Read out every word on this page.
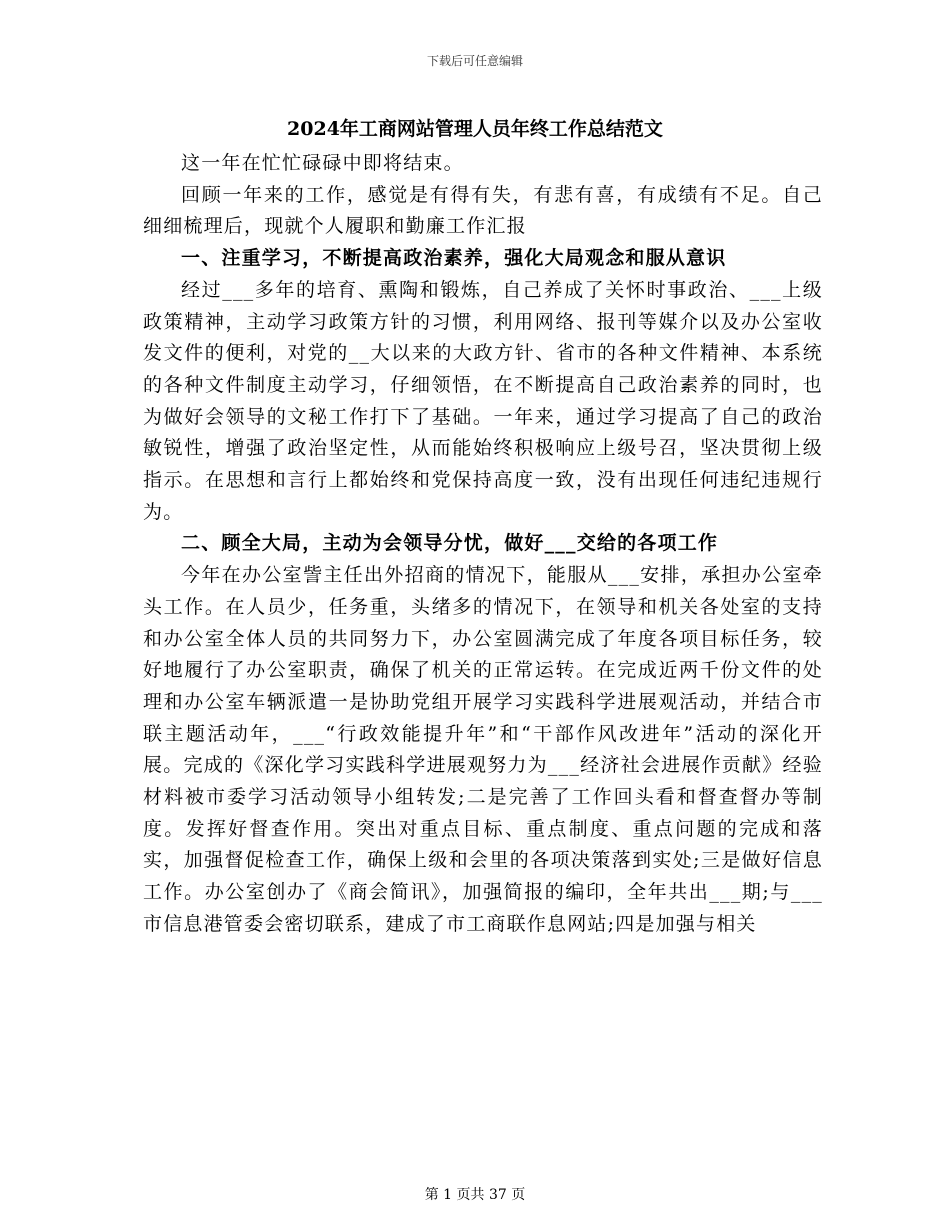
下载后可任意编辑
2024年工商网站管理人员年终工作总结范文

这一年在忙忙碌碌中即将结束。

回顾一年来的工作，感觉是有得有失，有悲有喜，有成绩有不足。自己细细梳理后，现就个人履职和勤廉工作汇报

一、注重学习，不断提高政治素养，强化大局观念和服从意识

经过___多年的培育、熏陶和锻炼，自己养成了关怀时事政治、___上级政策精神，主动学习政策方针的习惯，利用网络、报刊等媒介以及办公室收发文件的便利，对党的__大以来的大政方针、省市的各种文件精神、本系统的各种文件制度主动学习，仔细领悟，在不断提高自己政治素养的同时，也为做好会领导的文秘工作打下了基础。一年来，通过学习提高了自己的政治敏锐性，增强了政治坚定性，从而能始终积极响应上级号召，坚决贯彻上级指示。在思想和言行上都始终和党保持高度一致，没有出现任何违纪违规行为。

二、顾全大局，主动为会领导分忧，做好___交给的各项工作

今年在办公室訾主任出外招商的情况下，能服从___安排，承担办公室牵头工作。在人员少，任务重，头绪多的情况下，在领导和机关各处室的支持和办公室全体人员的共同努力下，办公室圆满完成了年度各项目标任务，较好地履行了办公室职责，确保了机关的正常运转。在完成近两千份文件的处理和办公室车辆派遣一是协助党组开展学习实践科学进展观活动，并结合市联主题活动年，___“行政效能提升年”和“干部作风改进年”活动的深化开展。完成的《深化学习实践科学进展观努力为___经济社会进展作贡献》经验材料被市委学习活动领导小组转发;二是完善了工作回头看和督查督办等制度。发挥好督查作用。突出对重点目标、重点制度、重点问题的完成和落实，加强督促检查工作，确保上级和会里的各项决策落到实处;三是做好信息工作。办公室创办了《商会简讯》，加强简报的编印，全年共出___期;与___市信息港管委会密切联系，建成了市工商联作息网站;四是加强与相关

第 1 页共 37 页
